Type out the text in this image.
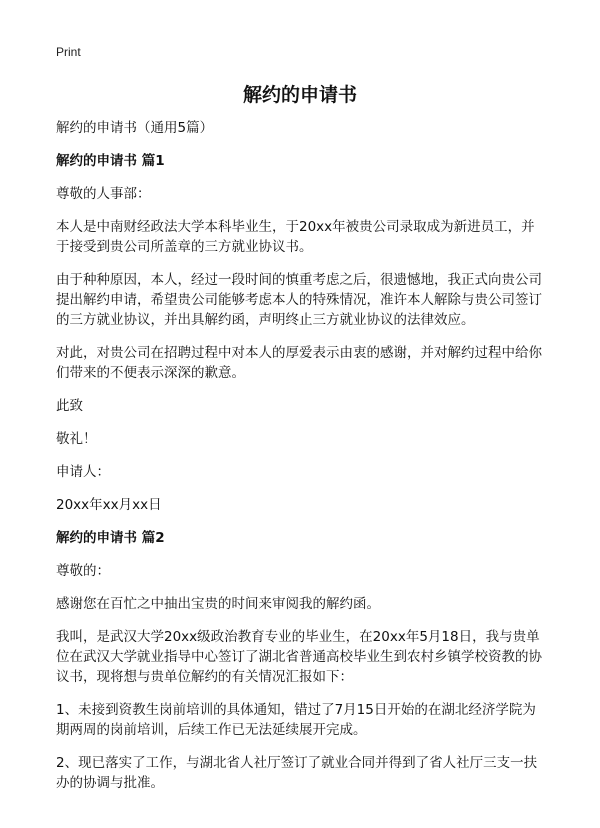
Print
解约的申请书

解约的申请书（通用5篇）

解约的申请书 篇1

尊敬的人事部：

本人是中南财经政法大学本科毕业生，于20xx年被贵公司录取成为新进员工，并于接受到贵公司所盖章的三方就业协议书。

由于种种原因，本人，经过一段时间的慎重考虑之后，很遗憾地，我正式向贵公司提出解约申请，希望贵公司能够考虑本人的特殊情况，准许本人解除与贵公司签订的三方就业协议，并出具解约函，声明终止三方就业协议的法律效应。

对此，对贵公司在招聘过程中对本人的厚爱表示由衷的感谢，并对解约过程中给你们带来的不便表示深深的歉意。

此致

敬礼！

申请人：

20xx年xx月xx日

解约的申请书 篇2

尊敬的：

感谢您在百忙之中抽出宝贵的时间来审阅我的解约函。

我叫，是武汉大学20xx级政治教育专业的毕业生，在20xx年5月18日，我与贵单位在武汉大学就业指导中心签订了湖北省普通高校毕业生到农村乡镇学校资教的协议书，现将想与贵单位解约的有关情况汇报如下：

1、未接到资教生岗前培训的具体通知，错过了7月15日开始的在湖北经济学院为期两周的岗前培训，后续工作已无法延续展开完成。

2、现已落实了工作，与湖北省人社厅签订了就业合同并得到了省人社厅三支一扶办的协调与批准。
